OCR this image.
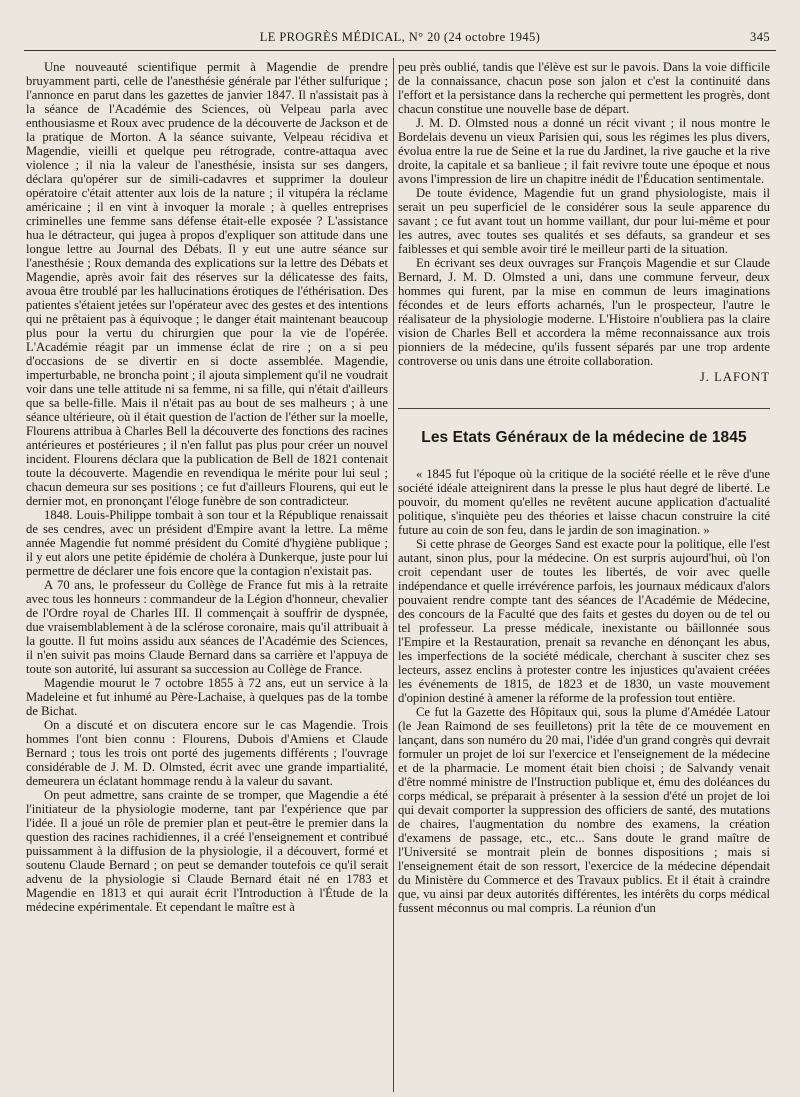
LE PROGRÈS MÉDICAL, N° 20 (24 octobre 1945)	345

Une nouveauté scientifique permit à Magendie de prendre bruyamment parti, celle de l'anesthésie générale par l'éther sulfurique ; l'annonce en parut dans les gazettes de janvier 1847. Il n'assistait pas à la séance de l'Académie des Sciences, où Velpeau parla avec enthousiasme et Roux avec prudence de la découverte de Jackson et de la pratique de Morton. A la séance suivante, Velpeau récidiva et Magendie, vieilli et quelque peu rétrograde, contre-attaqua avec violence ; il nia la valeur de l'anesthésie, insista sur ses dangers, déclara qu'opérer sur de simili-cadavres et supprimer la douleur opératoire c'était attenter aux lois de la nature ; il vitupéra la réclame américaine ; il en vint à invoquer la morale ; à quelles entreprises criminelles une femme sans défense était-elle exposée ? L'assistance hua le détracteur, qui jugea à propos d'expliquer son attitude dans une longue lettre au Journal des Débats. Il y eut une autre séance sur l'anesthésie ; Roux demanda des explications sur la lettre des Débats et Magendie, après avoir fait des réserves sur la délicatesse des faits, avoua être troublé par les hallucinations érotiques de l'éthérisation. Des patientes s'étaient jetées sur l'opérateur avec des gestes et des intentions qui ne prêtaient pas à équivoque ; le danger était maintenant beaucoup plus pour la vertu du chirurgien que pour la vie de l'opérée. L'Académie réagit par un immense éclat de rire ; on a si peu d'occasions de se divertir en si docte assemblée. Magendie, imperturbable, ne broncha point ; il ajouta simplement qu'il ne voudrait voir dans une telle attitude ni sa femme, ni sa fille, qui n'était d'ailleurs que sa belle-fille. Mais il n'était pas au bout de ses malheurs ; à une séance ultérieure, où il était question de l'action de l'éther sur la moelle, Flourens attribua à Charles Bell la découverte des fonctions des racines antérieures et postérieures ; il n'en fallut pas plus pour créer un nouvel incident. Flourens déclara que la publication de Bell de 1821 contenait toute la découverte. Magendie en revendiqua le mérite pour lui seul ; chacun demeura sur ses positions ; ce fut d'ailleurs Flourens, qui eut le dernier mot, en prononçant l'éloge funèbre de son contradicteur.

1848. Louis-Philippe tombait à son tour et la République renaissait de ses cendres, avec un président d'Empire avant la lettre. La même année Magendie fut nommé président du Comité d'hygiène publique ; il y eut alors une petite épidémie de choléra à Dunkerque, juste pour lui permettre de déclarer une fois encore que la contagion n'existait pas.

A 70 ans, le professeur du Collège de France fut mis à la retraite avec tous les honneurs : commandeur de la Légion d'honneur, chevalier de l'Ordre royal de Charles III. Il commençait à souffrir de dyspnée, due vraisemblablement à de la sclérose coronaire, mais qu'il attribuait à la goutte. Il fut moins assidu aux séances de l'Académie des Sciences, il n'en suivit pas moins Claude Bernard dans sa carrière et l'appuya de toute son autorité, lui assurant sa succession au Collège de France.

Magendie mourut le 7 octobre 1855 à 72 ans, eut un service à la Madeleine et fut inhumé au Père-Lachaise, à quelques pas de la tombe de Bichat.

On a discuté et on discutera encore sur le cas Magendie. Trois hommes l'ont bien connu : Flourens, Dubois d'Amiens et Claude Bernard ; tous les trois ont porté des jugements différents ; l'ouvrage considérable de J. M. D. Olmsted, écrit avec une grande impartialité, demeurera un éclatant hommage rendu à la valeur du savant.

On peut admettre, sans crainte de se tromper, que Magendie a été l'initiateur de la physiologie moderne, tant par l'expérience que par l'idée. Il a joué un rôle de premier plan et peut-être le premier dans la question des racines rachidiennes, il a créé l'enseignement et contribué puissamment à la diffusion de la physiologie, il a découvert, formé et soutenu Claude Bernard ; on peut se demander toutefois ce qu'il serait advenu de la physiologie si Claude Bernard était né en 1783 et Magendie en 1813 et qui aurait écrit l'Introduction à l'Étude de la médecine expérimentale. Et cependant le maître est à

peu près oublié, tandis que l'élève est sur le pavois. Dans la voie difficile de la connaissance, chacun pose son jalon et c'est la continuité dans l'effort et la persistance dans la recherche qui permettent les progrès, dont chacun constitue une nouvelle base de départ.

J. M. D. Olmsted nous a donné un récit vivant ; il nous montre le Bordelais devenu un vieux Parisien qui, sous les régimes les plus divers, évolua entre la rue de Seine et la rue du Jardinet, la rive gauche et la rive droite, la capitale et sa banlieue ; il fait revivre toute une époque et nous avons l'impression de lire un chapitre inédit de l'Éducation sentimentale.

De toute évidence, Magendie fut un grand physiologiste, mais il serait un peu superficiel de le considérer sous la seule apparence du savant ; ce fut avant tout un homme vaillant, dur pour lui-même et pour les autres, avec toutes ses qualités et ses défauts, sa grandeur et ses faiblesses et qui semble avoir tiré le meilleur parti de la situation.

En écrivant ses deux ouvrages sur François Magendie et sur Claude Bernard, J. M. D. Olmsted a uni, dans une commune ferveur, deux hommes qui furent, par la mise en commun de leurs imaginations fécondes et de leurs efforts acharnés, l'un le prospecteur, l'autre le réalisateur de la physiologie moderne. L'Histoire n'oubliera pas la claire vision de Charles Bell et accordera la même reconnaissance aux trois pionniers de la médecine, qu'ils fussent séparés par une trop ardente controverse ou unis dans une étroite collaboration.

J. LAFONT
Les Etats Généraux de la médecine de 1845

« 1845 fut l'époque où la critique de la société réelle et le rêve d'une société idéale atteignirent dans la presse le plus haut degré de liberté. Le pouvoir, du moment qu'elles ne revêtent aucune application d'actualité politique, s'inquiète peu des théories et laisse chacun construire la cité future au coin de son feu, dans le jardin de son imagination. »

Si cette phrase de Georges Sand est exacte pour la politique, elle l'est autant, sinon plus, pour la médecine. On est surpris aujourd'hui, où l'on croit cependant user de toutes les libertés, de voir avec quelle indépendance et quelle irrévérence parfois, les journaux médicaux d'alors pouvaient rendre compte tant des séances de l'Académie de Médecine, des concours de la Faculté que des faits et gestes du doyen ou de tel ou tel professeur. La presse médicale, inexistante ou bâillonnée sous l'Empire et la Restauration, prenait sa revanche en dénonçant les abus, les imperfections de la société médicale, cherchant à susciter chez ses lecteurs, assez enclins à protester contre les injustices qu'avaient créées les événements de 1815, de 1823 et de 1830, un vaste mouvement d'opinion destiné à amener la réforme de la profession tout entière.

Ce fut la Gazette des Hôpitaux qui, sous la plume d'Amédée Latour (le Jean Raimond de ses feuilletons) prit la tête de ce mouvement en lançant, dans son numéro du 20 mai, l'idée d'un grand congrès qui devrait formuler un projet de loi sur l'exercice et l'enseignement de la médecine et de la pharmacie. Le moment était bien choisi ; de Salvandy venait d'être nommé ministre de l'Instruction publique et, ému des doléances du corps médical, se préparait à présenter à la session d'été un projet de loi qui devait comporter la suppression des officiers de santé, des mutations de chaires, l'augmentation du nombre des examens, la création d'examens de passage, etc., etc... Sans doute le grand maître de l'Université se montrait plein de bonnes dispositions ; mais si l'enseignement était de son ressort, l'exercice de la médecine dépendait du Ministère du Commerce et des Travaux publics. Et il était à craindre que, vu ainsi par deux autorités différentes, les intérêts du corps médical fussent méconnus ou mal compris. La réunion d'un
